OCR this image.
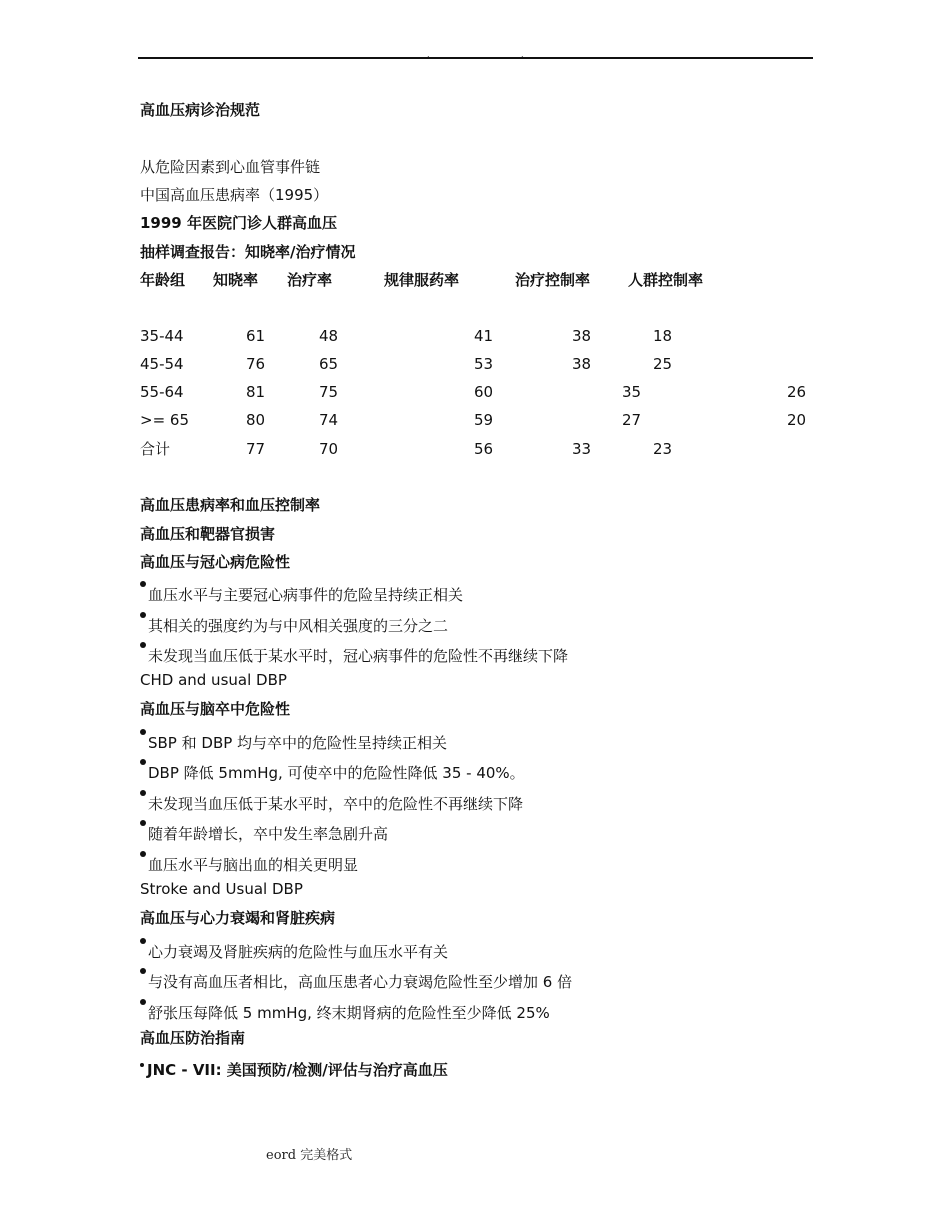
.	.
高血压病诊治规范
从危险因素到心血管事件链
中国高血压患病率（1995）
1999 年医院门诊人群高血压
抽样调查报告：知晓率/治疗情况
年龄组 知晓率 治疗率	规律服药率	治疗控制率	人群控制率
35-44	61	48	41	38	18
45-54	76	65	53	38	25
55-64	81	75	60	35	26
>= 65	80	74	59	27	20
合计	77	70	56	33	23
高血压患病率和血压控制率
高血压和靶器官损害
高血压与冠心病危险性
血压水平与主要冠心病事件的危险呈持续正相关
其相关的强度约为与中风相关强度的三分之二
未发现当血压低于某水平时，冠心病事件的危险性不再继续下降
CHD and usual DBP
高血压与脑卒中危险性
SBP 和 DBP 均与卒中的危险性呈持续正相关
DBP 降低 5mmHg, 可使卒中的危险性降低 35 - 40%。
未发现当血压低于某水平时，卒中的危险性不再继续下降
随着年龄增长，卒中发生率急剧升高
血压水平与脑出血的相关更明显
Stroke and Usual DBP
高血压与心力衰竭和肾脏疾病
心力衰竭及肾脏疾病的危险性与血压水平有关
与没有高血压者相比，高血压患者心力衰竭危险性至少增加 6 倍
舒张压每降低 5 mmHg, 终末期肾病的危险性至少降低 25%
高血压防治指南
JNC - VII: 美国预防/检测/评估与治疗高血压
eord 完美格式
